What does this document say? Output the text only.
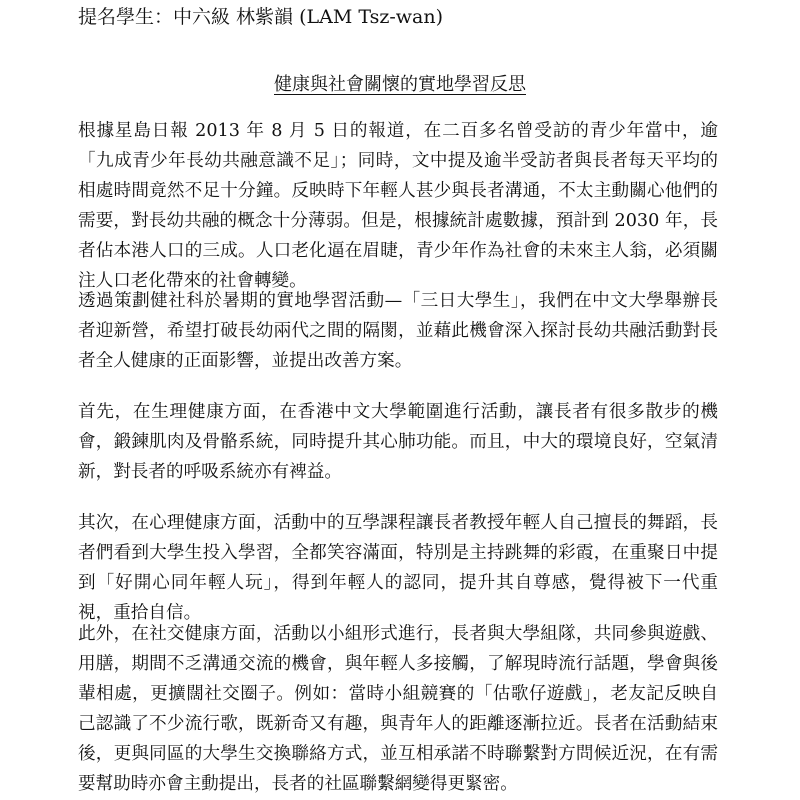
提名學生：中六級 林紫韻 (LAM Tsz-wan)
健康與社會關懷的實地學習反思

根據星島日報 2013 年 8 月 5 日的報道，在二百多名曾受訪的青少年當中，逾「九成青少年長幼共融意識不足」；同時，文中提及逾半受訪者與長者每天平均的相處時間竟然不足十分鐘。反映時下年輕人甚少與長者溝通，不太主動關心他們的需要，對長幼共融的概念十分薄弱。但是，根據統計處數據，預計到 2030 年，長者佔本港人口的三成。人口老化逼在眉睫，青少年作為社會的未來主人翁，必須關注人口老化帶來的社會轉變。

透過策劃健社科於暑期的實地學習活動—「三日大學生」，我們在中文大學舉辦長者迎新營，希望打破長幼兩代之間的隔閡，並藉此機會深入探討長幼共融活動對長者全人健康的正面影響，並提出改善方案。

首先，在生理健康方面，在香港中文大學範圍進行活動，讓長者有很多散步的機會，鍛鍊肌肉及骨骼系統，同時提升其心肺功能。而且，中大的環境良好，空氣清新，對長者的呼吸系統亦有裨益。

其次，在心理健康方面，活動中的互學課程讓長者教授年輕人自己擅長的舞蹈，長者們看到大學生投入學習，全都笑容滿面，特別是主持跳舞的彩霞，在重聚日中提到「好開心同年輕人玩」，得到年輕人的認同，提升其自尊感，覺得被下一代重視，重拾自信。

此外，在社交健康方面，活動以小組形式進行，長者與大學組隊，共同參與遊戲、用膳，期間不乏溝通交流的機會，與年輕人多接觸，了解現時流行話題，學會與後輩相處，更擴闊社交圈子。例如：當時小組競賽的「估歌仔遊戲」，老友記反映自己認識了不少流行歌，既新奇又有趣，與青年人的距離逐漸拉近。長者在活動結束後，更與同區的大學生交換聯絡方式，並互相承諾不時聯繫對方問候近況，在有需要幫助時亦會主動提出，長者的社區聯繫網變得更緊密。
